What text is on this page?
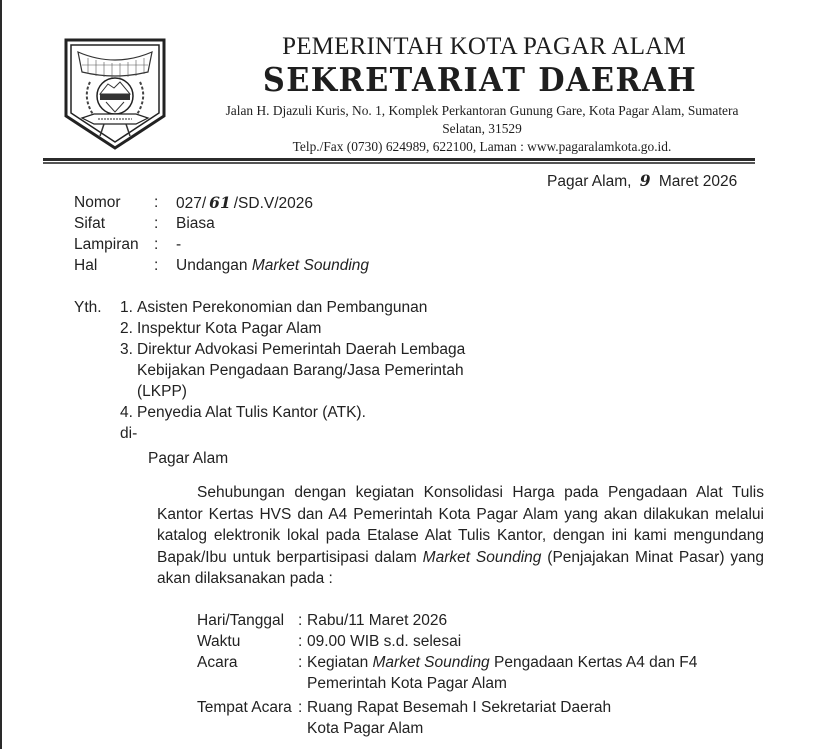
PEMERINTAH KOTA PAGAR ALAM
SEKRETARIAT DAERAH
Jalan H. Djazuli Kuris, No. 1, Komplek Perkantoran Gunung Gare, Kota Pagar Alam, Sumatera
Selatan, 31529
Telp./Fax (0730) 624989, 622100, Laman : www.pagaralamkota.go.id.
Pagar Alam, 9 Maret 2026
Nomor : 027/ 61 /SD.V/2026
Sifat	: Biasa
Lampiran : -
Hal	: Undangan Market Sounding
Yth. 1. Asisten Perekonomian dan Pembangunan
2. Inspektur Kota Pagar Alam
3. Direktur Advokasi Pemerintah Daerah Lembaga
Kebijakan Pengadaan Barang/Jasa Pemerintah
(LKPP)
4. Penyedia Alat Tulis Kantor (ATK).
di-
Pagar Alam
Sehubungan dengan kegiatan Konsolidasi Harga pada Pengadaan Alat Tulis Kantor Kertas HVS dan A4 Pemerintah Kota Pagar Alam yang akan dilakukan melalui katalog elektronik lokal pada Etalase Alat Tulis Kantor, dengan ini kami mengundang Bapak/Ibu untuk berpartisipasi dalam Market Sounding (Penjajakan Minat Pasar) yang akan dilaksanakan pada :
Hari/Tanggal : Rabu/11 Maret 2026
Waktu	: 09.00 WIB s.d. selesai
Acara	: Kegiatan Market Sounding Pengadaan Kertas A4 dan F4
Pemerintah Kota Pagar Alam
Tempat Acara : Ruang Rapat Besemah I Sekretariat Daerah
Kota Pagar Alam
